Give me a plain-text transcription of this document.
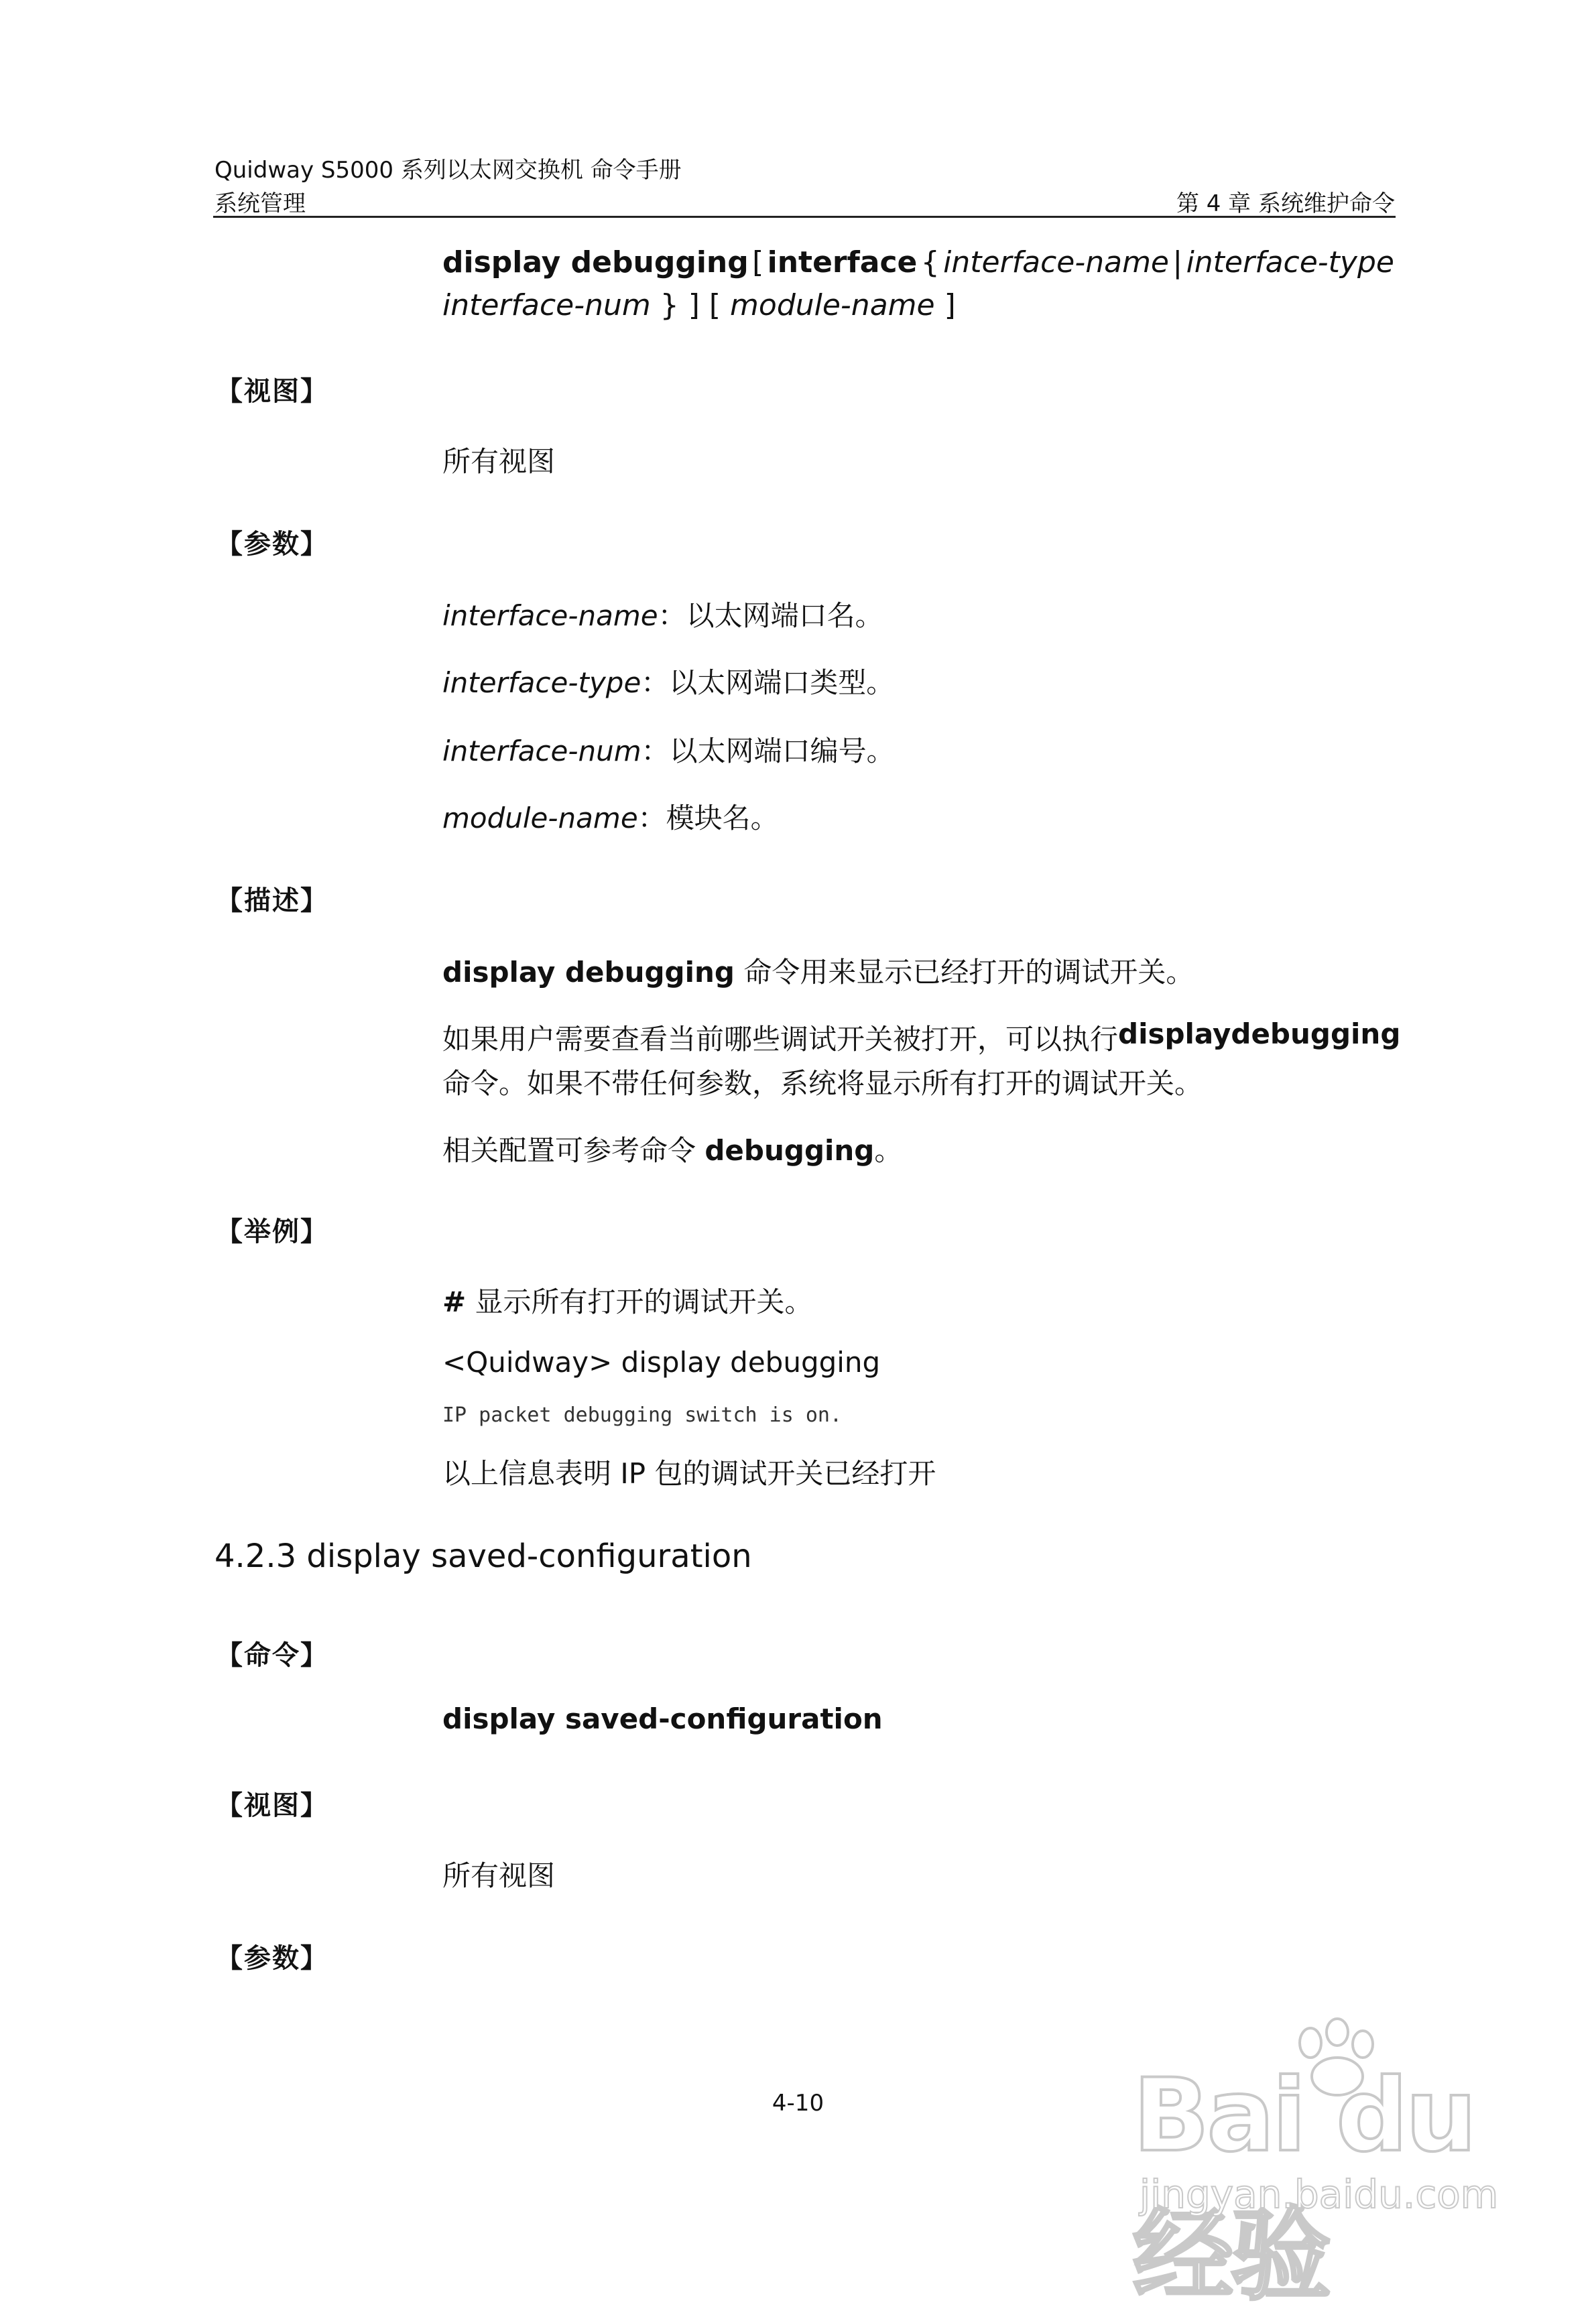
Quidway S5000 系列以太网交换机 命令手册
系统管理	第 4 章 系统维护命令
display debugging [ interface { interface-name | interface-type
interface-num } ] [ module-name ]
【视图】
所有视图
【参数】
interface-name：以太网端口名。
interface-type：以太网端口类型。
interface-num：以太网端口编号。
module-name：模块名。
【描述】
display debugging 命令用来显示已经打开的调试开关。
如果用户需要查看当前哪些调试开关被打开，可以执行 display debugging
命令。如果不带任何参数，系统将显示所有打开的调试开关。
相关配置可参考命令 debugging。
【举例】
# 显示所有打开的调试开关。
<Quidway> display debugging
IP packet debugging switch is on.
以上信息表明 IP 包的调试开关已经打开
4.2.3 display saved-configuration
【命令】
display saved-configuration
【视图】
所有视图
【参数】
4-10	Bai du 经验
jingyan.baidu.com
